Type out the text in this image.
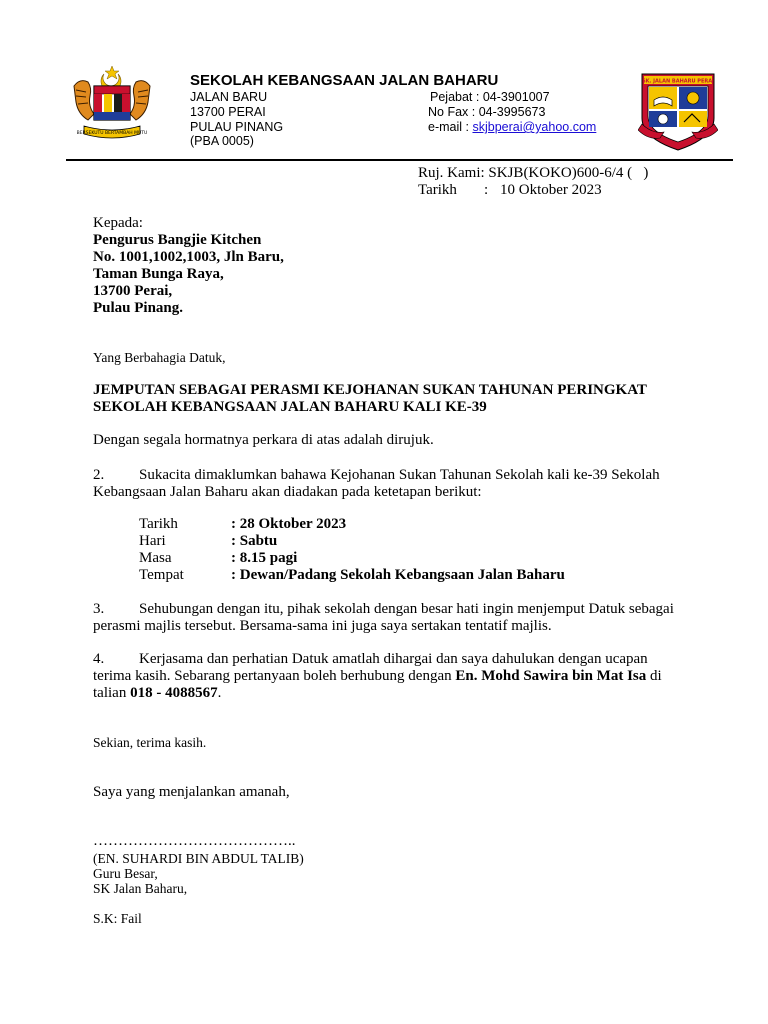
BERSEKUTU BERTAMBAH MUTU
SK. JALAN BAHARU PERAI
SEKOLAH KEBANGSAAN JALAN BAHARU
JALAN BARU
13700 PERAI
PULAU PINANG
(PBA 0005)
Pejabat : 04-3901007
No Fax : 04-3995673
e-mail : skjbperai@yahoo.com
Ruj. Kami: SKJB(KOKO)600-6/4 (   )
Tarikh : 10 Oktober 2023
Kepada:
Pengurus Bangjie Kitchen
No. 1001,1002,1003, Jln Baru,
Taman Bunga Raya,
13700 Perai,
Pulau Pinang.
Yang Berbahagia Datuk,
JEMPUTAN SEBAGAI PERASMI KEJOHANAN SUKAN TAHUNAN PERINGKAT
SEKOLAH KEBANGSAAN JALAN BAHARU KALI KE-39
Dengan segala hormatnya perkara di atas adalah dirujuk.
2. Sukacita dimaklumkan bahawa Kejohanan Sukan Tahunan Sekolah kali ke-39 Sekolah
Kebangsaan Jalan Baharu akan diadakan pada ketetapan berikut:
Tarikh	: 28 Oktober 2023
Hari	: Sabtu
Masa	: 8.15 pagi
Tempat	: Dewan/Padang Sekolah Kebangsaan Jalan Baharu
3. Sehubungan dengan itu, pihak sekolah dengan besar hati ingin menjemput Datuk sebagai
perasmi majlis tersebut. Bersama-sama ini juga saya sertakan tentatif majlis.
4. Kerjasama dan perhatian Datuk amatlah dihargai dan saya dahulukan dengan ucapan
terima kasih. Sebarang pertanyaan boleh berhubung dengan En. Mohd Sawira bin Mat Isa di
talian 018 - 4088567.
Sekian, terima kasih.
Saya yang menjalankan amanah,
…………………………………..
(EN. SUHARDI BIN ABDUL TALIB)
Guru Besar,
SK Jalan Baharu,
S.K: Fail
